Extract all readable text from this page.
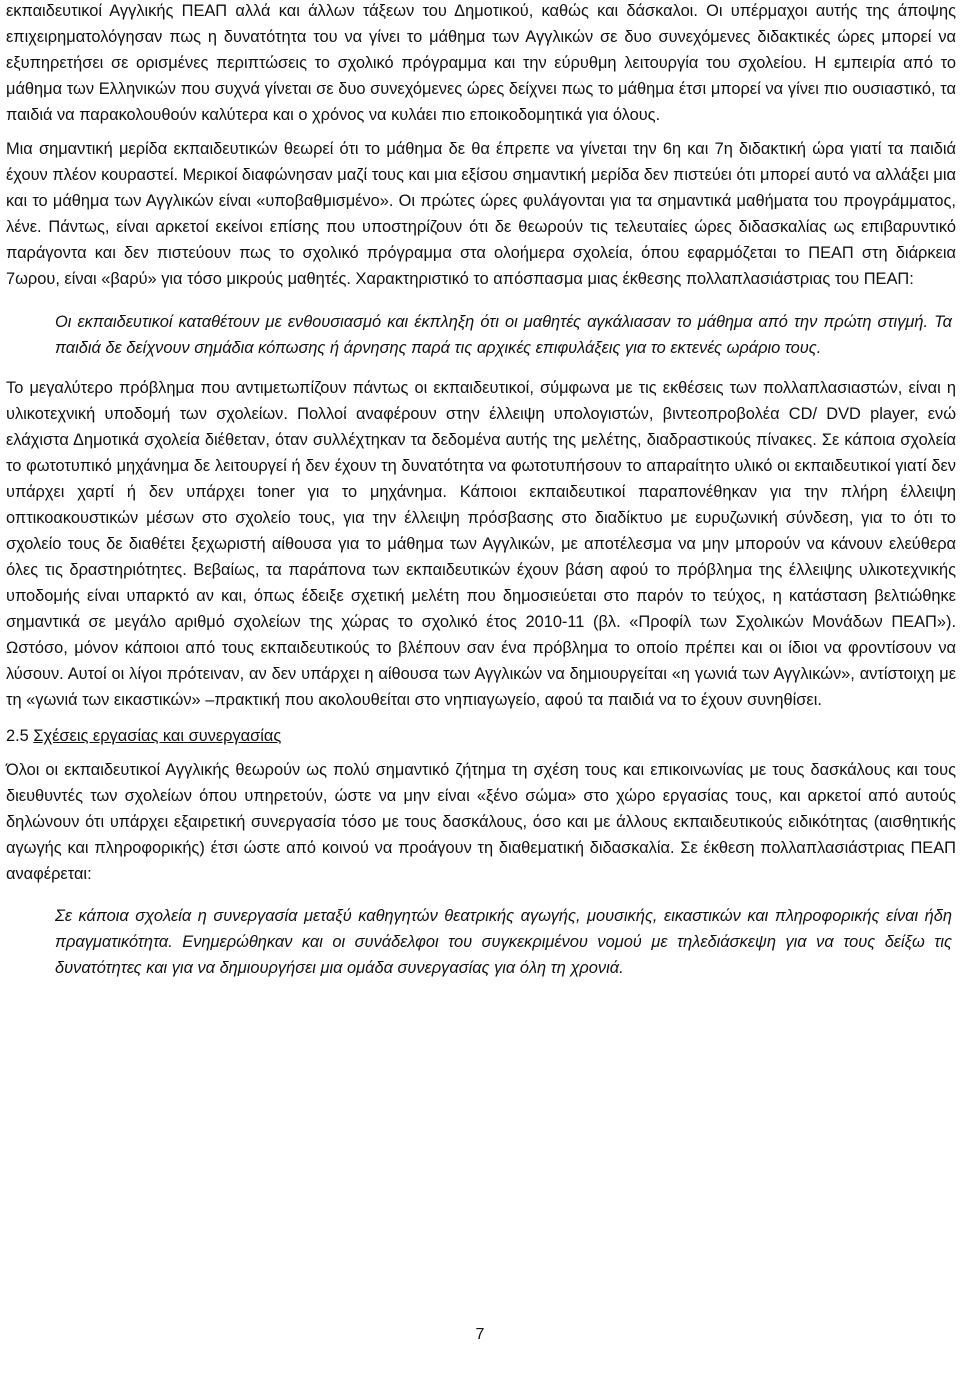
εκπαιδευτικοί Αγγλικής ΠΕΑΠ αλλά και άλλων τάξεων του Δημοτικού, καθώς και δάσκαλοι. Οι υπέρμαχοι αυτής της άποψης επιχειρηματολόγησαν πως η δυνατότητα του να γίνει το μάθημα των Αγγλικών σε δυο συνεχόμενες διδακτικές ώρες μπορεί να εξυπηρετήσει σε ορισμένες περιπτώσεις το σχολικό πρόγραμμα και την εύρυθμη λειτουργία του σχολείου. Η εμπειρία από το μάθημα των Ελληνικών που συχνά γίνεται σε δυο συνεχόμενες ώρες δείχνει πως το μάθημα έτσι μπορεί να γίνει πιο ουσιαστικό, τα παιδιά να παρακολουθούν καλύτερα και ο χρόνος να κυλάει πιο εποικοδομητικά για όλους.

Μια σημαντική μερίδα εκπαιδευτικών θεωρεί ότι το μάθημα δε θα έπρεπε να γίνεται την 6η και 7η διδακτική ώρα γιατί τα παιδιά έχουν πλέον κουραστεί. Μερικοί διαφώνησαν μαζί τους και μια εξίσου σημαντική μερίδα δεν πιστεύει ότι μπορεί αυτό να αλλάξει μια και το μάθημα των Αγγλικών είναι «υποβαθμισμένο». Οι πρώτες ώρες φυλάγονται για τα σημαντικά μαθήματα του προγράμματος, λένε. Πάντως, είναι αρκετοί εκείνοι επίσης που υποστηρίζουν ότι δε θεωρούν τις τελευταίες ώρες διδασκαλίας ως επιβαρυντικό παράγοντα και δεν πιστεύουν πως το σχολικό πρόγραμμα στα ολοήμερα σχολεία, όπου εφαρμόζεται το ΠΕΑΠ στη διάρκεια 7ωρου, είναι «βαρύ» για τόσο μικρούς μαθητές. Χαρακτηριστικό το απόσπασμα μιας έκθεσης πολλαπλασιάστριας του ΠΕΑΠ:

Οι εκπαιδευτικοί καταθέτουν με ενθουσιασμό και έκπληξη ότι οι μαθητές αγκάλιασαν το μάθημα από την πρώτη στιγμή. Τα παιδιά δε δείχνουν σημάδια κόπωσης ή άρνησης παρά τις αρχικές επιφυλάξεις για το εκτενές ωράριο τους.

Το μεγαλύτερο πρόβλημα που αντιμετωπίζουν πάντως οι εκπαιδευτικοί, σύμφωνα με τις εκθέσεις των πολλαπλασιαστών, είναι η υλικοτεχνική υποδομή των σχολείων. Πολλοί αναφέρουν στην έλλειψη υπολογιστών, βιντεοπροβολέα CD/ DVD player, ενώ ελάχιστα Δημοτικά σχολεία διέθεταν, όταν συλλέχτηκαν τα δεδομένα αυτής της μελέτης, διαδραστικούς πίνακες. Σε κάποια σχολεία το φωτοτυπικό μηχάνημα δε λειτουργεί ή δεν έχουν τη δυνατότητα να φωτοτυπήσουν το απαραίτητο υλικό οι εκπαιδευτικοί γιατί δεν υπάρχει χαρτί ή δεν υπάρχει toner για το μηχάνημα. Κάποιοι εκπαιδευτικοί παραπονέθηκαν για την πλήρη έλλειψη οπτικοακουστικών μέσων στο σχολείο τους, για την έλλειψη πρόσβασης στο διαδίκτυο με ευρυζωνική σύνδεση, για το ότι το σχολείο τους δε διαθέτει ξεχωριστή αίθουσα για το μάθημα των Αγγλικών, με αποτέλεσμα να μην μπορούν να κάνουν ελεύθερα όλες τις δραστηριότητες. Βεβαίως, τα παράπονα των εκπαιδευτικών έχουν βάση αφού το πρόβλημα της έλλειψης υλικοτεχνικής υποδομής είναι υπαρκτό αν και, όπως έδειξε σχετική μελέτη που δημοσιεύεται στο παρόν το τεύχος, η κατάσταση βελτιώθηκε σημαντικά σε μεγάλο αριθμό σχολείων της χώρας το σχολικό έτος 2010-11 (βλ. «Προφίλ των Σχολικών Μονάδων ΠΕΑΠ»). Ωστόσο, μόνον κάποιοι από τους εκπαιδευτικούς το βλέπουν σαν ένα πρόβλημα το οποίο πρέπει και οι ίδιοι να φροντίσουν να λύσουν. Αυτοί οι λίγοι πρότειναν, αν δεν υπάρχει η αίθουσα των Αγγλικών να δημιουργείται «η γωνιά των Αγγλικών», αντίστοιχη με τη «γωνιά των εικαστικών» –πρακτική που ακολουθείται στο νηπιαγωγείο, αφού τα παιδιά να το έχουν συνηθίσει.

2.5 Σχέσεις εργασίας και συνεργασίας

Όλοι οι εκπαιδευτικοί Αγγλικής θεωρούν ως πολύ σημαντικό ζήτημα τη σχέση τους και επικοινωνίας με τους δασκάλους και τους διευθυντές των σχολείων όπου υπηρετούν, ώστε να μην είναι «ξένο σώμα» στο χώρο εργασίας τους, και αρκετοί από αυτούς δηλώνουν ότι υπάρχει εξαιρετική συνεργασία τόσο με τους δασκάλους, όσο και με άλλους εκπαιδευτικούς ειδικότητας (αισθητικής αγωγής και πληροφορικής) έτσι ώστε από κοινού να προάγουν τη διαθεματική διδασκαλία. Σε έκθεση πολλαπλασιάστριας ΠΕΑΠ αναφέρεται:

Σε κάποια σχολεία η συνεργασία μεταξύ καθηγητών θεατρικής αγωγής, μουσικής, εικαστικών και πληροφορικής είναι ήδη πραγματικότητα. Ενημερώθηκαν και οι συνάδελφοι του συγκεκριμένου νομού με τηλεδιάσκεψη για να τους δείξω τις δυνατότητες και για να δημιουργήσει μια ομάδα συνεργασίας για όλη τη χρονιά.

7
